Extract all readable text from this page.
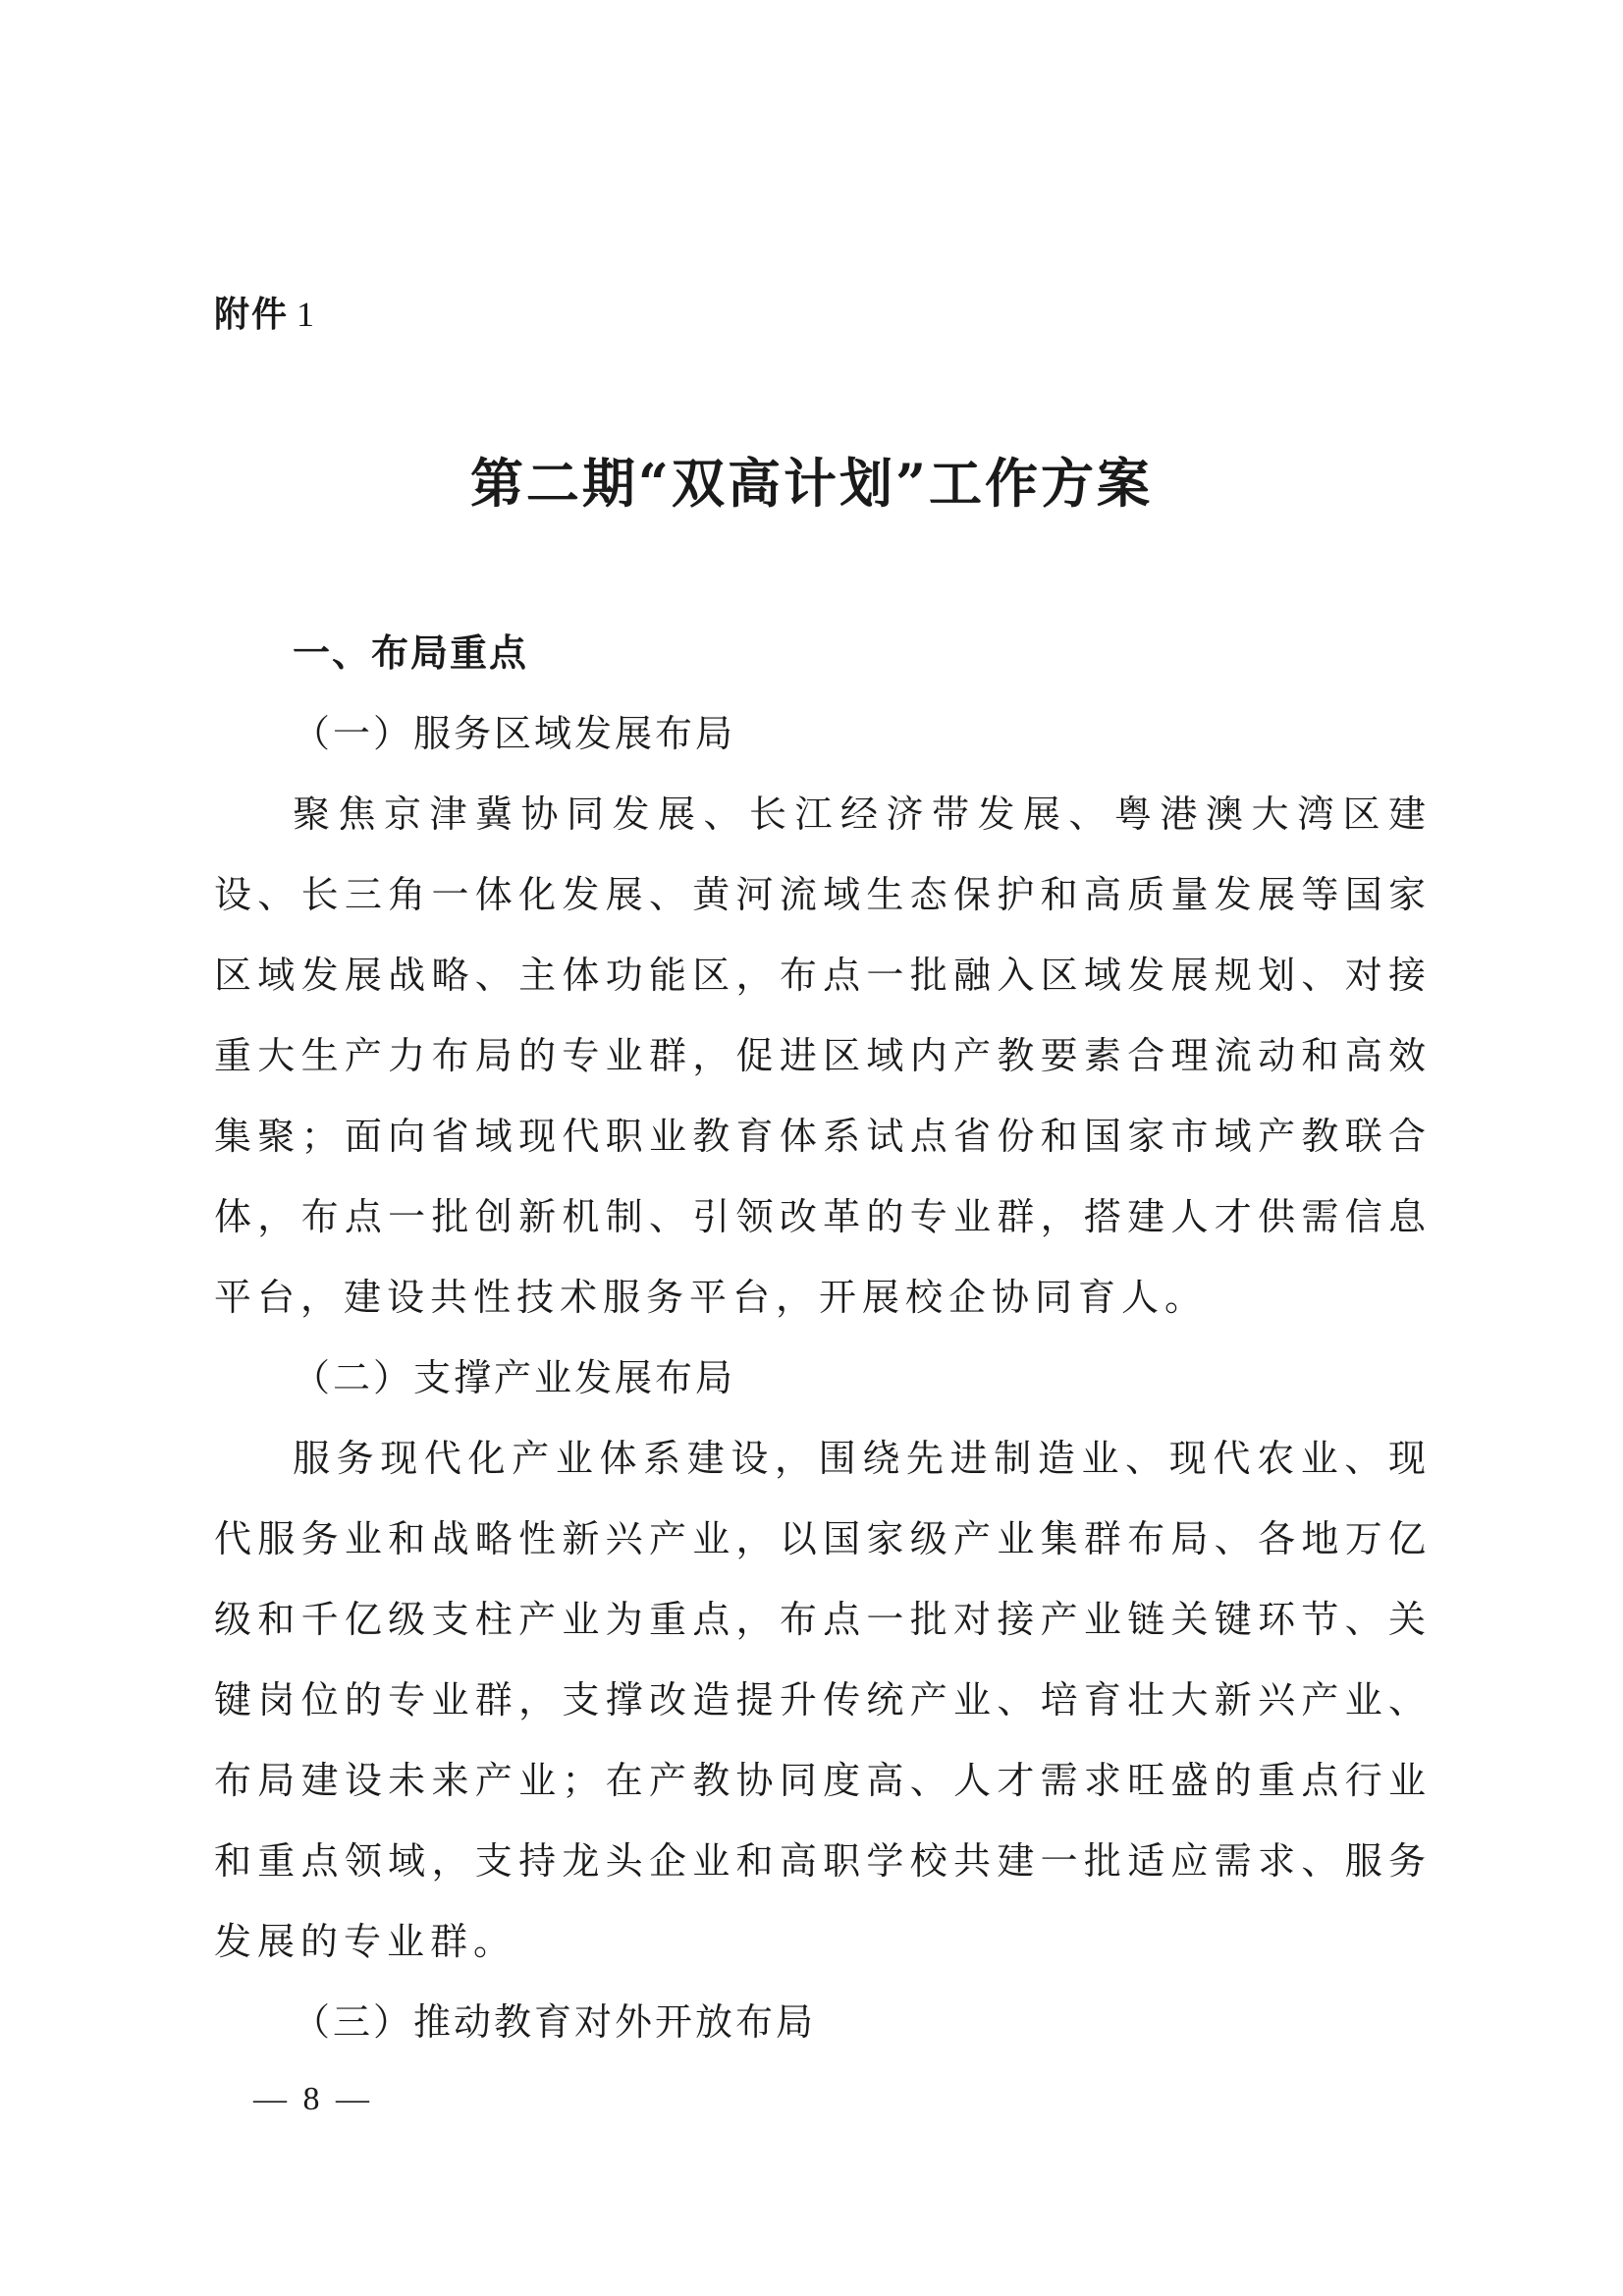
附件 1
第二期“双高计划”工作方案
一、布局重点
（一）服务区域发展布局
聚焦京津冀协同发展、长江经济带发展、粤港澳大湾区建设、长三角一体化发展、黄河流域生态保护和高质量发展等国家区域发展战略、主体功能区，布点一批融入区域发展规划、对接重大生产力布局的专业群，促进区域内产教要素合理流动和高效集聚；面向省域现代职业教育体系试点省份和国家市域产教联合体，布点一批创新机制、引领改革的专业群，搭建人才供需信息平台，建设共性技术服务平台，开展校企协同育人。
（二）支撑产业发展布局
服务现代化产业体系建设，围绕先进制造业、现代农业、现代服务业和战略性新兴产业，以国家级产业集群布局、各地万亿级和千亿级支柱产业为重点，布点一批对接产业链关键环节、关键岗位的专业群，支撑改造提升传统产业、培育壮大新兴产业、布局建设未来产业；在产教协同度高、人才需求旺盛的重点行业和重点领域，支持龙头企业和高职学校共建一批适应需求、服务发展的专业群。
（三）推动教育对外开放布局
— 8 —
